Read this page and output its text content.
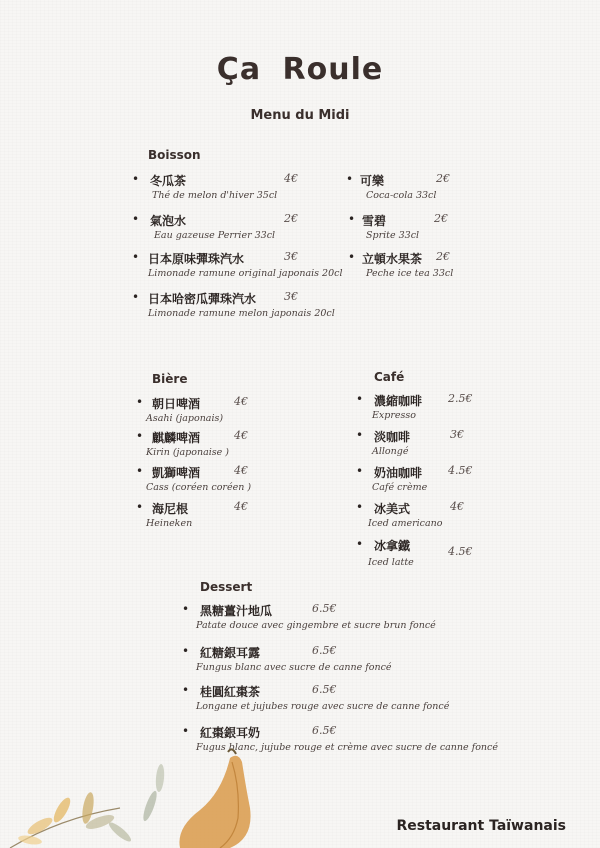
Ça Roule
Menu du Midi
Boisson
• 冬瓜茶	4€
Thé de melon d'hiver 35cl
• 氣泡水	2€
Eau gazeuse Perrier 33cl
• 日本原味彈珠汽水	3€
Limonade ramune original japonais 20cl
• 日本哈密瓜彈珠汽水	3€
Limonade ramune melon japonais 20cl
• 可樂	2€
Coca-cola 33cl
• 雪碧	2€
Sprite 33cl
• 立頓水果茶 2€
Peche ice tea 33cl
Bière
• 朝日啤酒	4€
Asahi (japonais)
• 麒麟啤酒	4€
Kirin (japonaise )
• 凱獅啤酒	4€
Cass (coréen coréen )
• 海尼根	4€
Heineken
Café
• 濃縮咖啡 2.5€
Expresso
• 淡咖啡	3€
Allongé
• 奶油咖啡 4.5€
Café crème
• 冰美式	4€
Iced americano
• 冰拿鐵	4.5€
Iced latte
Dessert
• 黑糖薑汁地瓜	6.5€
Patate douce avec gingembre et sucre brun foncé
• 紅糖銀耳露	6.5€
Fungus blanc avec sucre de canne foncé
• 桂圓紅棗茶	6.5€
Longane et jujubes rouge avec sucre de canne foncé
• 紅棗銀耳奶	6.5€
Fugus blanc, jujube rouge et crème avec sucre de canne foncé
Restaurant Taïwanais
